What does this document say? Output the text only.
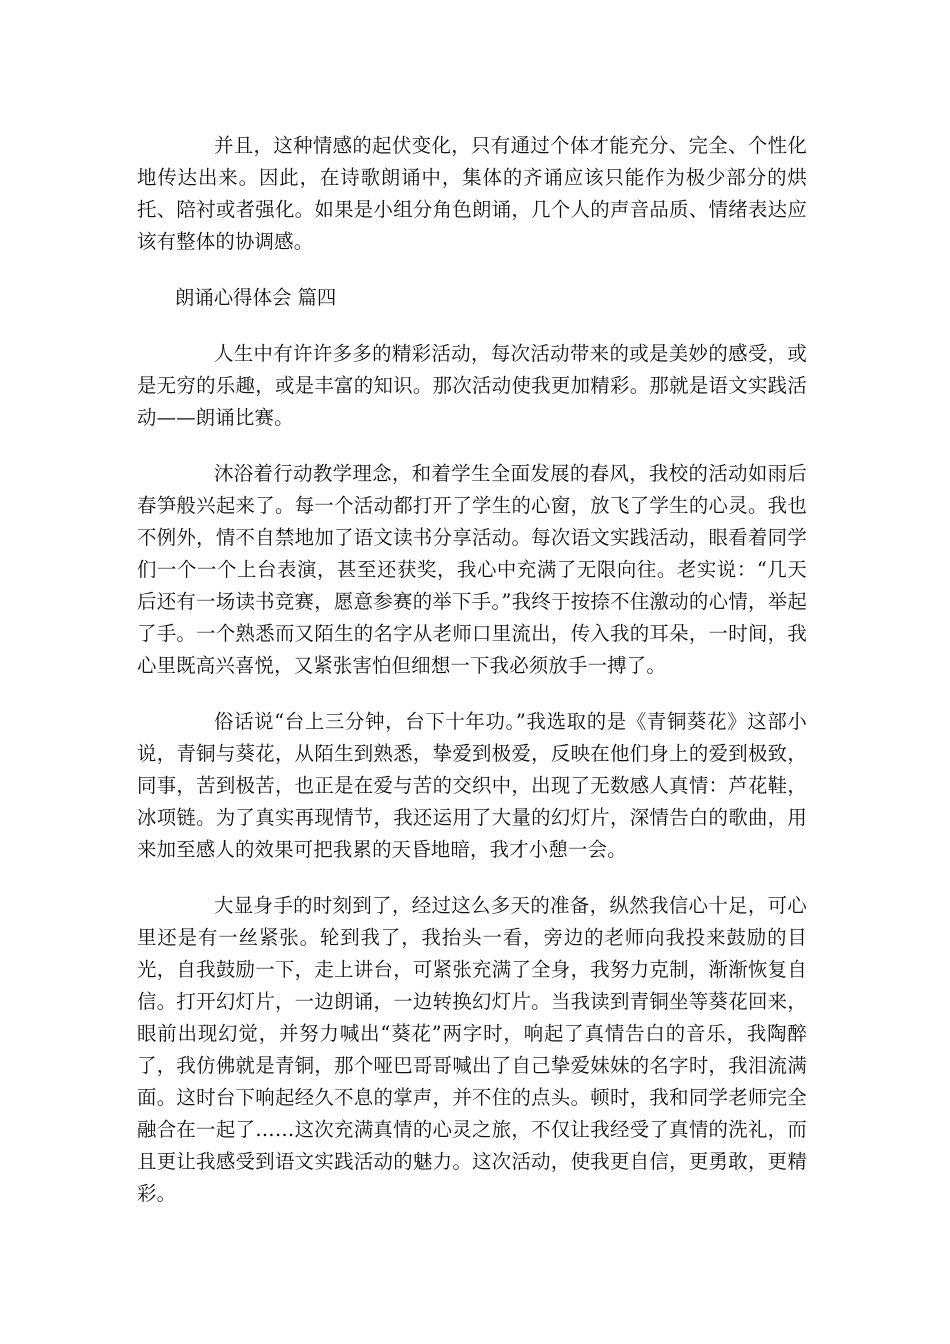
并且，这种情感的起伏变化，只有通过个体才能充分、完全、个性化地传达出来。因此，在诗歌朗诵中，集体的齐诵应该只能作为极少部分的烘托、陪衬或者强化。如果是小组分角色朗诵，几个人的声音品质、情绪表达应该有整体的协调感。

朗诵心得体会 篇四

人生中有许许多多的精彩活动，每次活动带来的或是美妙的感受，或是无穷的乐趣，或是丰富的知识。那次活动使我更加精彩。那就是语文实践活动——朗诵比赛。

沐浴着行动教学理念，和着学生全面发展的春风，我校的活动如雨后春笋般兴起来了。每一个活动都打开了学生的心窗，放飞了学生的心灵。我也不例外，情不自禁地加了语文读书分享活动。每次语文实践活动，眼看着同学们一个一个上台表演，甚至还获奖，我心中充满了无限向往。老实说：“几天后还有一场读书竞赛，愿意参赛的举下手。”我终于按捺不住激动的心情，举起了手。一个熟悉而又陌生的名字从老师口里流出，传入我的耳朵，一时间，我心里既高兴喜悦，又紧张害怕但细想一下我必须放手一搏了。

俗话说“台上三分钟，台下十年功。”我选取的是《青铜葵花》这部小说，青铜与葵花，从陌生到熟悉，挚爱到极爱，反映在他们身上的爱到极致，同事，苦到极苦，也正是在爱与苦的交织中，出现了无数感人真情：芦花鞋，冰项链。为了真实再现情节，我还运用了大量的幻灯片，深情告白的歌曲，用来加至感人的效果可把我累的天昏地暗，我才小憩一会。

大显身手的时刻到了，经过这么多天的准备，纵然我信心十足，可心里还是有一丝紧张。轮到我了，我抬头一看，旁边的老师向我投来鼓励的目光，自我鼓励一下，走上讲台，可紧张充满了全身，我努力克制，渐渐恢复自信。打开幻灯片，一边朗诵，一边转换幻灯片。当我读到青铜坐等葵花回来，眼前出现幻觉，并努力喊出“葵花”两字时，响起了真情告白的音乐，我陶醉了，我仿佛就是青铜，那个哑巴哥哥喊出了自己挚爱妹妹的名字时，我泪流满面。这时台下响起经久不息的掌声，并不住的点头。顿时，我和同学老师完全融合在一起了……这次充满真情的心灵之旅，不仅让我经受了真情的洗礼，而且更让我感受到语文实践活动的魅力。这次活动，使我更自信，更勇敢，更精彩。
